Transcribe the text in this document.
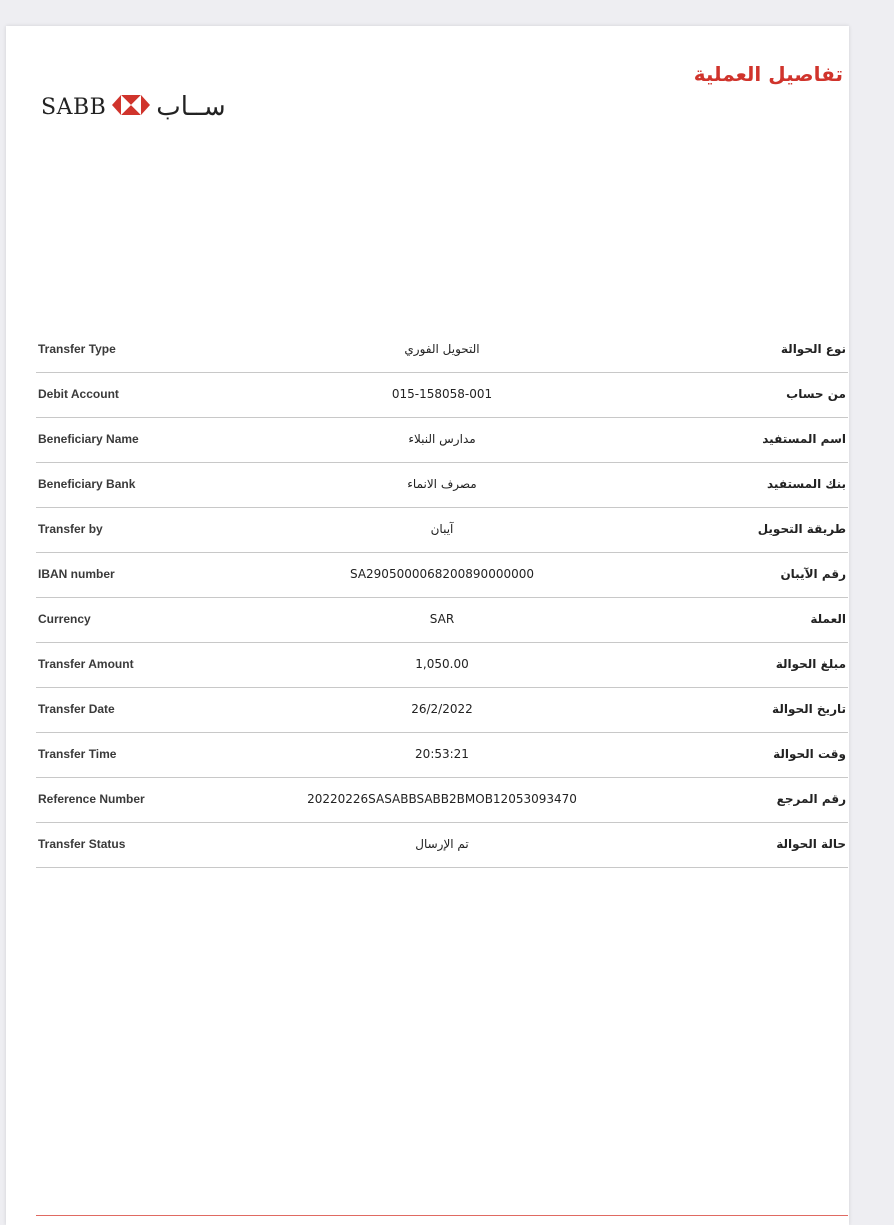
تفاصيل العملية
SABB ســاب
Transfer Type	التحويل الفوري	نوع الحوالة
Debit Account	015-158058-001	من حساب
Beneficiary Name	مدارس النبلاء	اسم المستفيد
Beneficiary Bank	مصرف الانماء	بنك المستفيد
Transfer by	آيبان	طريقة التحويل
IBAN number	SA2905000068200890000000	رقم الآيبان
Currency	SAR	العملة
Transfer Amount	1,050.00	مبلغ الحوالة
Transfer Date	26/2/2022	تاريخ الحوالة
Transfer Time	20:53:21	وقت الحوالة
Reference Number	20220226SASABBSABB2BMOB12053093470	رقم المرجع
Transfer Status	تم الإرسال	حالة الحوالة
